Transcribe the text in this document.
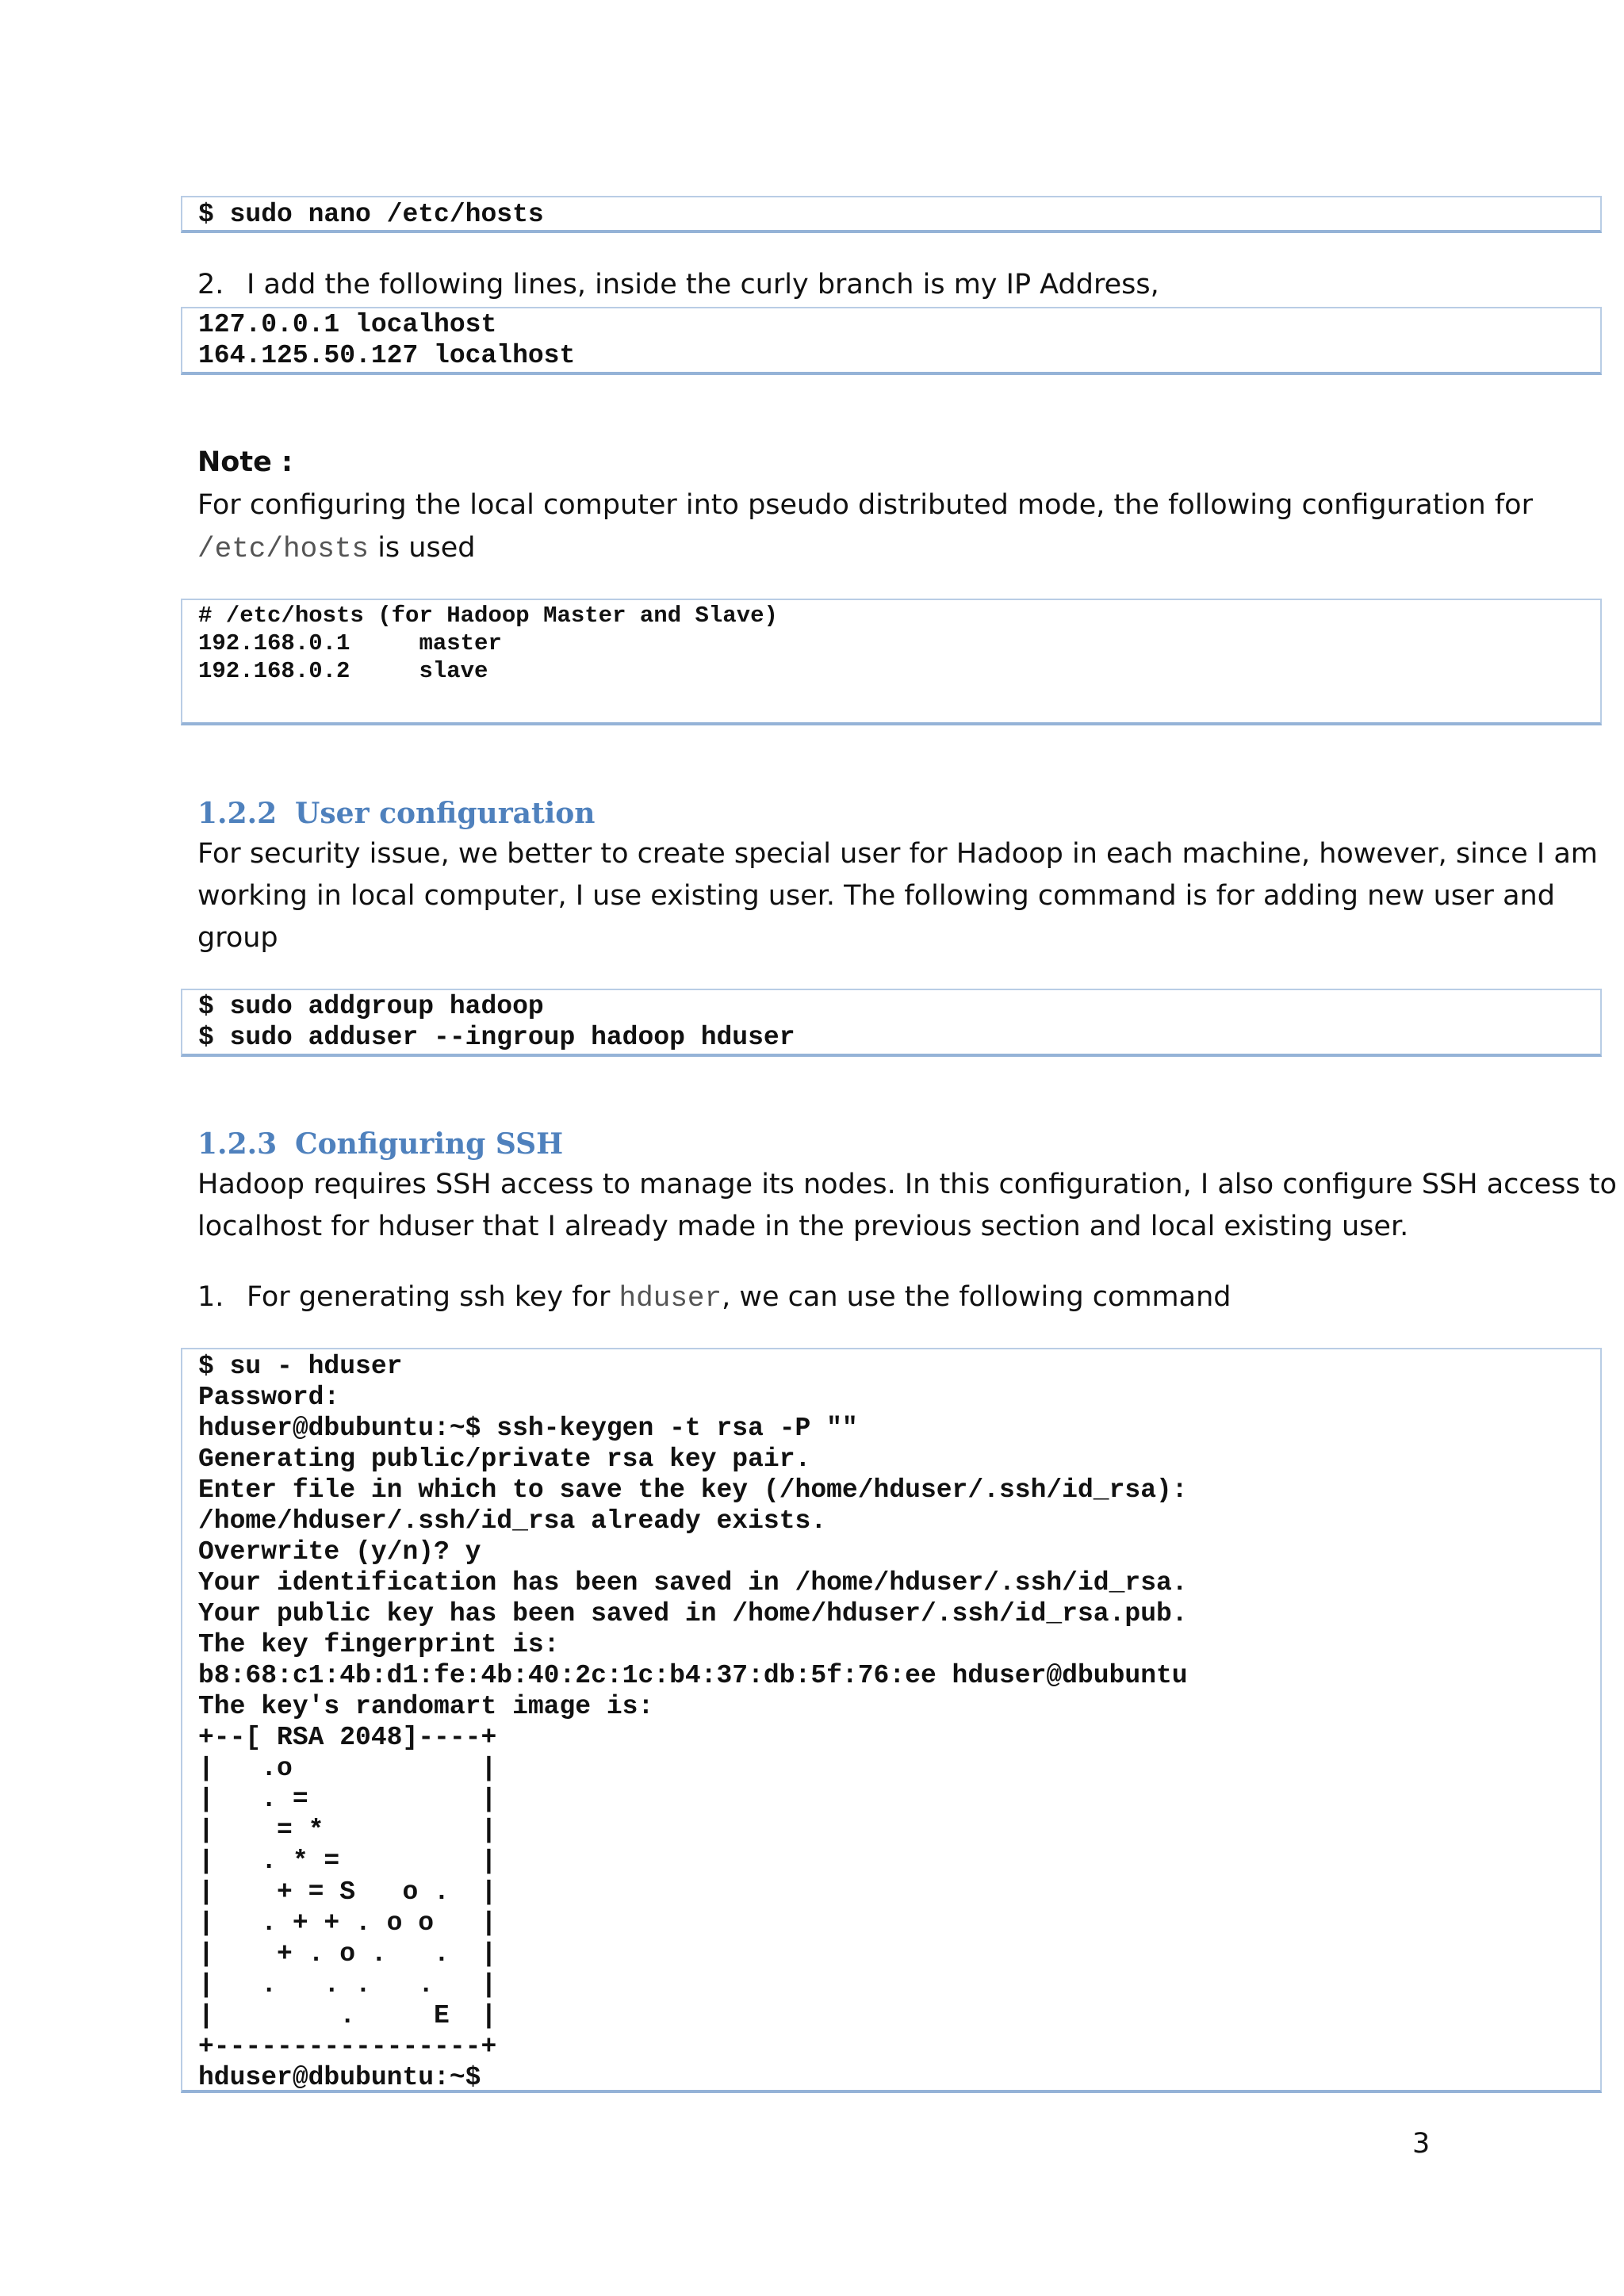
$ sudo nano /etc/hosts
2. I add the following lines, inside the curly branch is my IP Address,
127.0.0.1 localhost
164.125.50.127 localhost
Note :

For configuring the local computer into pseudo distributed mode, the following configuration for

/etc/hosts is used

# /etc/hosts (for Hadoop Master and Slave)
192.168.0.1     master
192.168.0.2     slave
1.2.2 User configuration

For security issue, we better to create special user for Hadoop in each machine, however, since I am

working in local computer, I use existing user. The following command is for adding new user and

group

$ sudo addgroup hadoop
$ sudo adduser --ingroup hadoop hduser
1.2.3 Configuring SSH

Hadoop requires SSH access to manage its nodes. In this configuration, I also configure SSH access to

localhost for hduser that I already made in the previous section and local existing user.

1. For generating ssh key for hduser, we can use the following command
$ su - hduser
Password:
hduser@dbubuntu:~$ ssh-keygen -t rsa -P ""
Generating public/private rsa key pair.
Enter file in which to save the key (/home/hduser/.ssh/id_rsa):
/home/hduser/.ssh/id_rsa already exists.
Overwrite (y/n)? y
Your identification has been saved in /home/hduser/.ssh/id_rsa.
Your public key has been saved in /home/hduser/.ssh/id_rsa.pub.
The key fingerprint is:
b8:68:c1:4b:d1:fe:4b:40:2c:1c:b4:37:db:5f:76:ee hduser@dbubuntu
The key's randomart image is:
+--[ RSA 2048]----+
|   .o            |
|   . =           |
|    = *          |
|   . * =         |
|    + = S   o .  |
|   . + + . o o   |
|    + . o .   .  |
|   .   . .   .   |
|        .     E  |
+-----------------+
hduser@dbubuntu:~$
3
